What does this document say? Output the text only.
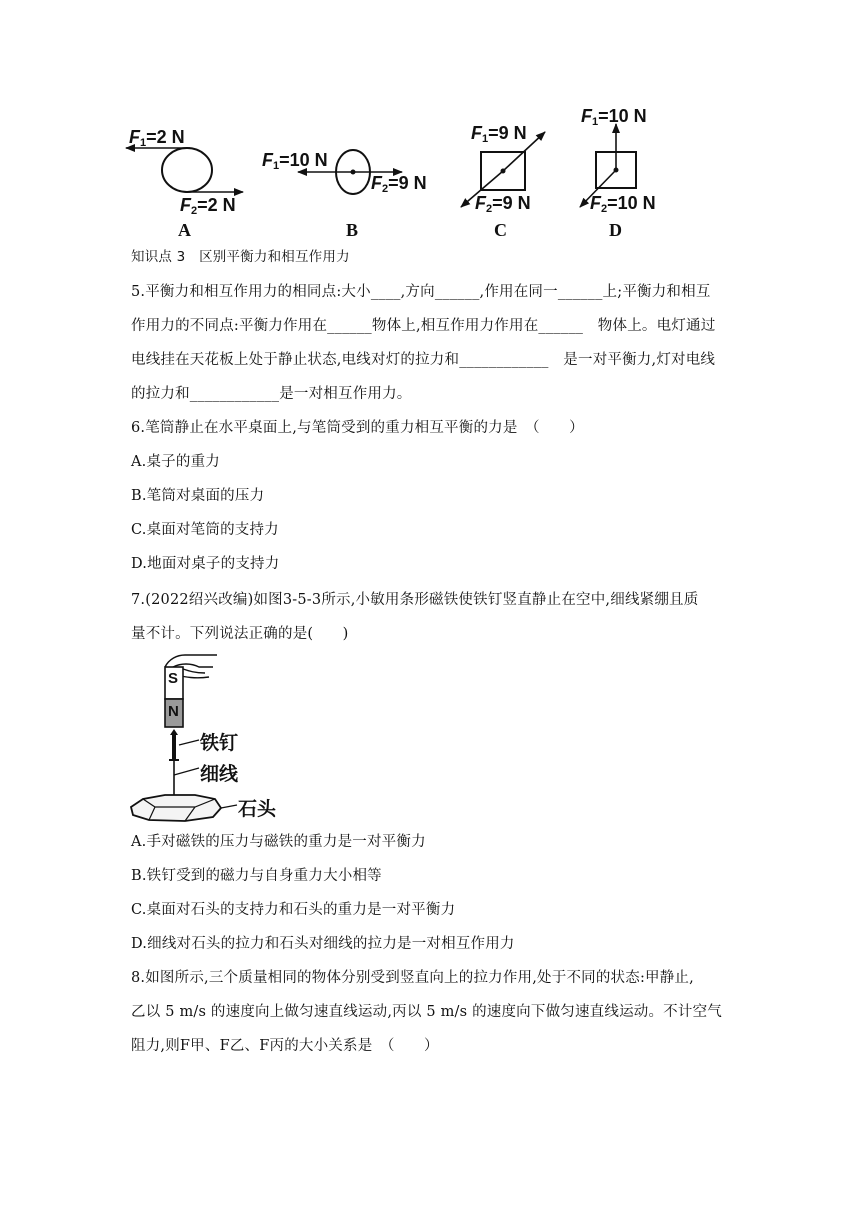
$F_1=2$ N
$F_2=2$ N
A
$F_1=10$ N
$F_2=9$ N
B
$F_1=9$ N
$F_2=9$ N
C
$F_1=10$ N
$F_2=10$ N
D
知识点 3　区别平衡力和相互作用力
5.平衡力和相互作用力的相同点:大小____,方向______,作用在同一______上;平衡力和相互
作用力的不同点:平衡力作用在______物体上,相互作用力作用在______　物体上。电灯通过
电线挂在天花板上处于静止状态,电线对灯的拉力和____________　是一对平衡力,灯对电线
的拉力和____________是一对相互作用力。
6.笔筒静止在水平桌面上,与笔筒受到的重力相互平衡的力是　（　　）
A.桌子的重力
B.笔筒对桌面的压力
C.桌面对笔筒的支持力
D.地面对桌子的支持力
7.(2022绍兴改编)如图3-5-3所示,小敏用条形磁铁使铁钉竖直静止在空中,细线紧绷且质
量不计。下列说法正确的是(　　)
S
N
铁钉
细线
石头
A.手对磁铁的压力与磁铁的重力是一对平衡力
B.铁钉受到的磁力与自身重力大小相等
C.桌面对石头的支持力和石头的重力是一对平衡力
D.细线对石头的拉力和石头对细线的拉力是一对相互作用力
8.如图所示,三个质量相同的物体分别受到竖直向上的拉力作用,处于不同的状态:甲静止,
乙以 5 m/s 的速度向上做匀速直线运动,丙以 5 m/s 的速度向下做匀速直线运动。不计空气
阻力,则F甲、F乙、F丙的大小关系是　（　　）
